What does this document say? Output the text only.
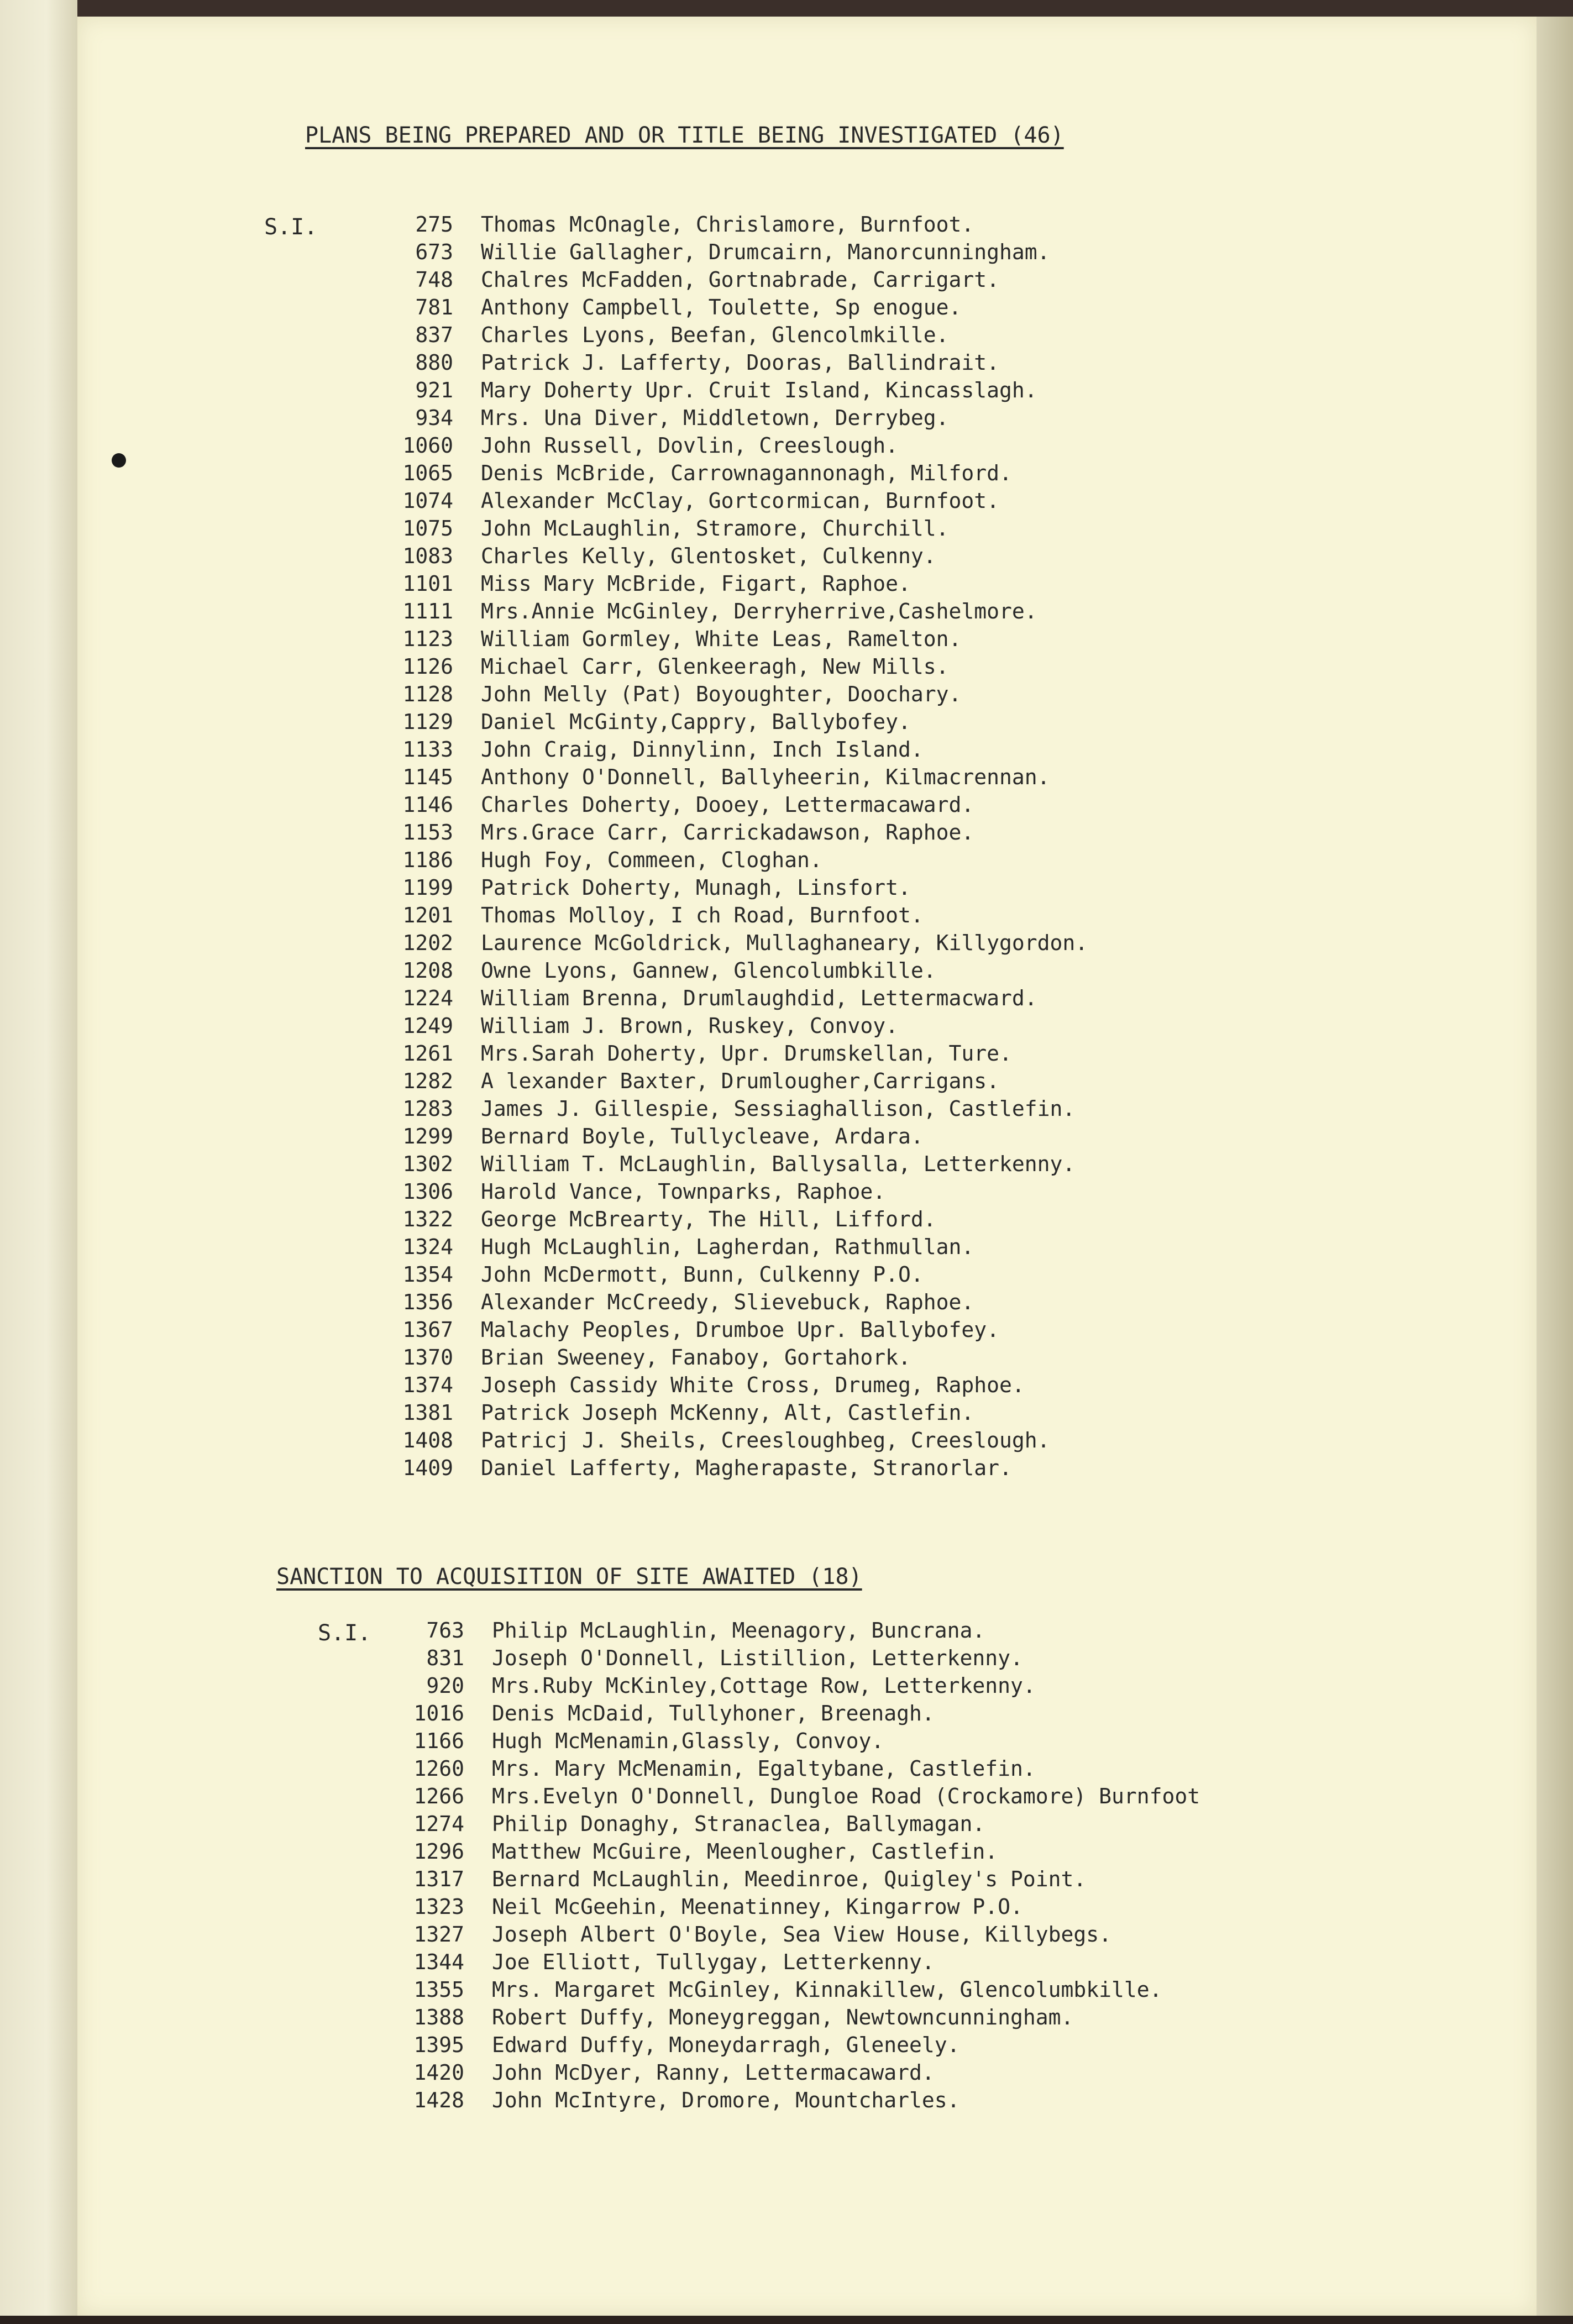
PLANS BEING PREPARED AND OR TITLE BEING INVESTIGATED (46)
S.I.	275 Thomas McOnagle, Chrislamore, Burnfoot.
673 Willie Gallagher, Drumcairn, Manorcunningham.
748 Chalres McFadden, Gortnabrade, Carrigart.
781 Anthony Campbell, Toulette, Sp enogue.
837 Charles Lyons, Beefan, Glencolmkille.
880 Patrick J. Lafferty, Dooras, Ballindrait.
921 Mary Doherty Upr. Cruit Island, Kincasslagh.
934 Mrs. Una Diver, Middletown, Derrybeg.
1060 John Russell, Dovlin, Creeslough.
1065 Denis McBride, Carrownagannonagh, Milford.
1074 Alexander McClay, Gortcormican, Burnfoot.
1075 John McLaughlin, Stramore, Churchill.
1083 Charles Kelly, Glentosket, Culkenny.
1101 Miss Mary McBride, Figart, Raphoe.
1111 Mrs.Annie McGinley, Derryherrive,Cashelmore.
1123 William Gormley, White Leas, Ramelton.
1126 Michael Carr, Glenkeeragh, New Mills.
1128 John Melly (Pat) Boyoughter, Doochary.
1129 Daniel McGinty,Cappry, Ballybofey.
1133 John Craig, Dinnylinn, Inch Island.
1145 Anthony O'Donnell, Ballyheerin, Kilmacrennan.
1146 Charles Doherty, Dooey, Lettermacaward.
1153 Mrs.Grace Carr, Carrickadawson, Raphoe.
1186 Hugh Foy, Commeen, Cloghan.
1199 Patrick Doherty, Munagh, Linsfort.
1201 Thomas Molloy, I ch Road, Burnfoot.
1202 Laurence McGoldrick, Mullaghaneary, Killygordon.
1208 Owne Lyons, Gannew, Glencolumbkille.
1224 William Brenna, Drumlaughdid, Lettermacward.
1249 William J. Brown, Ruskey, Convoy.
1261 Mrs.Sarah Doherty, Upr. Drumskellan, Ture.
1282 A lexander Baxter, Drumlougher,Carrigans.
1283 James J. Gillespie, Sessiaghallison, Castlefin.
1299 Bernard Boyle, Tullycleave, Ardara.
1302 William T. McLaughlin, Ballysalla, Letterkenny.
1306 Harold Vance, Townparks, Raphoe.
1322 George McBrearty, The Hill, Lifford.
1324 Hugh McLaughlin, Lagherdan, Rathmullan.
1354 John McDermott, Bunn, Culkenny P.O.
1356 Alexander McCreedy, Slievebuck, Raphoe.
1367 Malachy Peoples, Drumboe Upr. Ballybofey.
1370 Brian Sweeney, Fanaboy, Gortahork.
1374 Joseph Cassidy White Cross, Drumeg, Raphoe.
1381 Patrick Joseph McKenny, Alt, Castlefin.
1408 Patricj J. Sheils, Creesloughbeg, Creeslough.
1409 Daniel Lafferty, Magherapaste, Stranorlar.
SANCTION TO ACQUISITION OF SITE AWAITED (18)
S.I.	763 Philip McLaughlin, Meenagory, Buncrana.
831 Joseph O'Donnell, Listillion, Letterkenny.
920 Mrs.Ruby McKinley,Cottage Row, Letterkenny.
1016 Denis McDaid, Tullyhoner, Breenagh.
1166 Hugh McMenamin,Glassly, Convoy.
1260 Mrs. Mary McMenamin, Egaltybane, Castlefin.
1266 Mrs.Evelyn O'Donnell, Dungloe Road (Crockamore) Burnfoot
1274 Philip Donaghy, Stranaclea, Ballymagan.
1296 Matthew McGuire, Meenlougher, Castlefin.
1317 Bernard McLaughlin, Meedinroe, Quigley's Point.
1323 Neil McGeehin, Meenatinney, Kingarrow P.O.
1327 Joseph Albert O'Boyle, Sea View House, Killybegs.
1344 Joe Elliott, Tullygay, Letterkenny.
1355 Mrs. Margaret McGinley, Kinnakillew, Glencolumbkille.
1388 Robert Duffy, Moneygreggan, Newtowncunningham.
1395 Edward Duffy, Moneydarragh, Gleneely.
1420 John McDyer, Ranny, Lettermacaward.
1428 John McIntyre, Dromore, Mountcharles.
